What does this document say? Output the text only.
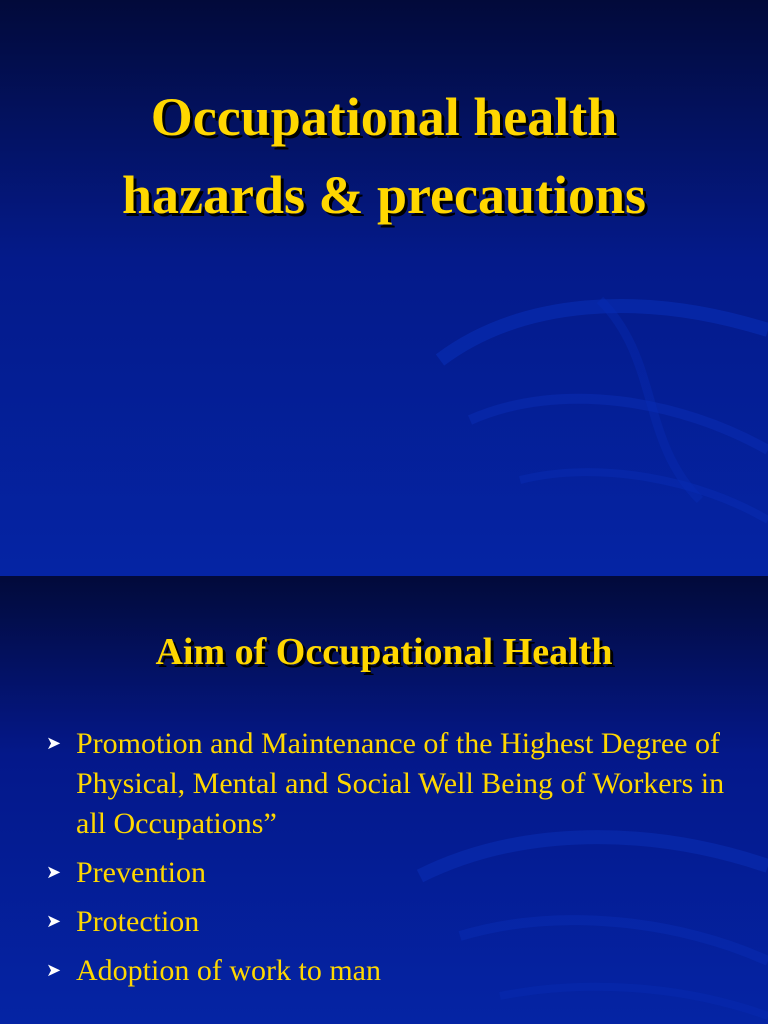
Occupational health
hazards & precautions
Aim of Occupational Health
➤ Promotion and Maintenance of the Highest Degree of Physical, Mental and Social Well Being of Workers in all Occupations”
➤ Prevention
➤ Protection
➤ Adoption of work to man
